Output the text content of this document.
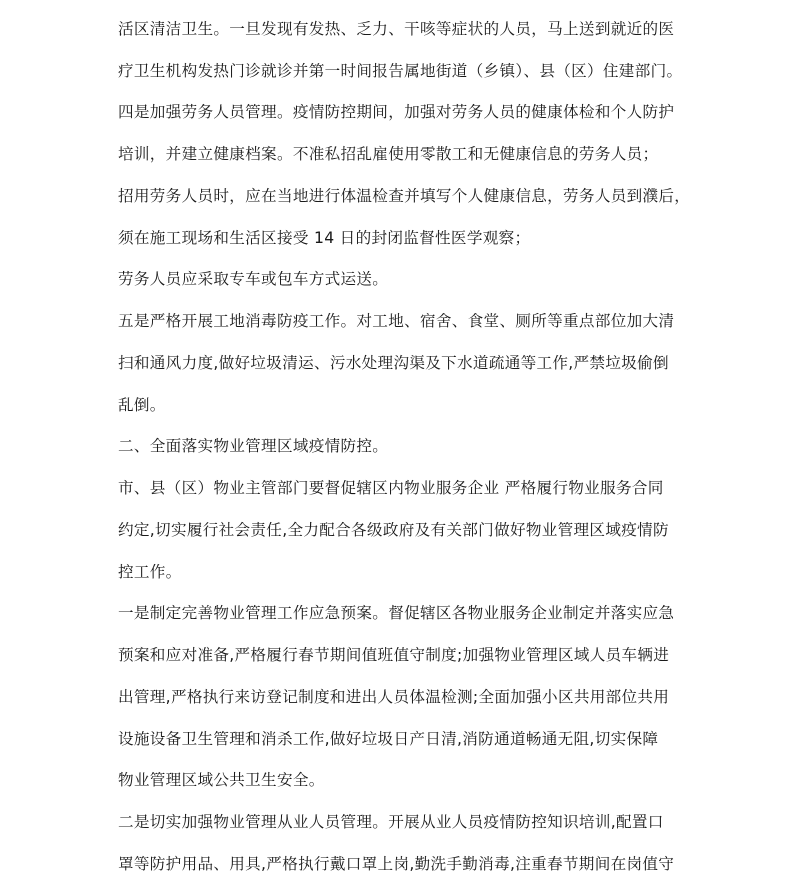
活区清洁卫生。一旦发现有发热、乏力、干咳等症状的人员，马上送到就近的医
疗卫生机构发热门诊就诊并第一时间报告属地街道（乡镇）、县（区）住建部门。
四是加强劳务人员管理。疫情防控期间，加强对劳务人员的健康体检和个人防护
培训，并建立健康档案。不准私招乱雇使用零散工和无健康信息的劳务人员；
招用劳务人员时，应在当地进行体温检查并填写个人健康信息，劳务人员到濮后，
须在施工现场和生活区接受 14 日的封闭监督性医学观察；
劳务人员应采取专车或包车方式运送。
五是严格开展工地消毒防疫工作。对工地、宿舍、食堂、厕所等重点部位加大清
扫和通风力度,做好垃圾清运、污水处理沟渠及下水道疏通等工作,严禁垃圾偷倒
乱倒。
二、全面落实物业管理区域疫情防控。
市、县（区）物业主管部门要督促辖区内物业服务企业 严格履行物业服务合同
约定,切实履行社会责任,全力配合各级政府及有关部门做好物业管理区域疫情防
控工作。
一是制定完善物业管理工作应急预案。督促辖区各物业服务企业制定并落实应急
预案和应对准备,严格履行春节期间值班值守制度;加强物业管理区域人员车辆进
出管理,严格执行来访登记制度和进出人员体温检测;全面加强小区共用部位共用
设施设备卫生管理和消杀工作,做好垃圾日产日清,消防通道畅通无阻,切实保障
物业管理区域公共卫生安全。
二是切实加强物业管理从业人员管理。开展从业人员疫情防控知识培训,配置口
罩等防护用品、用具,严格执行戴口罩上岗,勤洗手勤消毒,注重春节期间在岗值守
